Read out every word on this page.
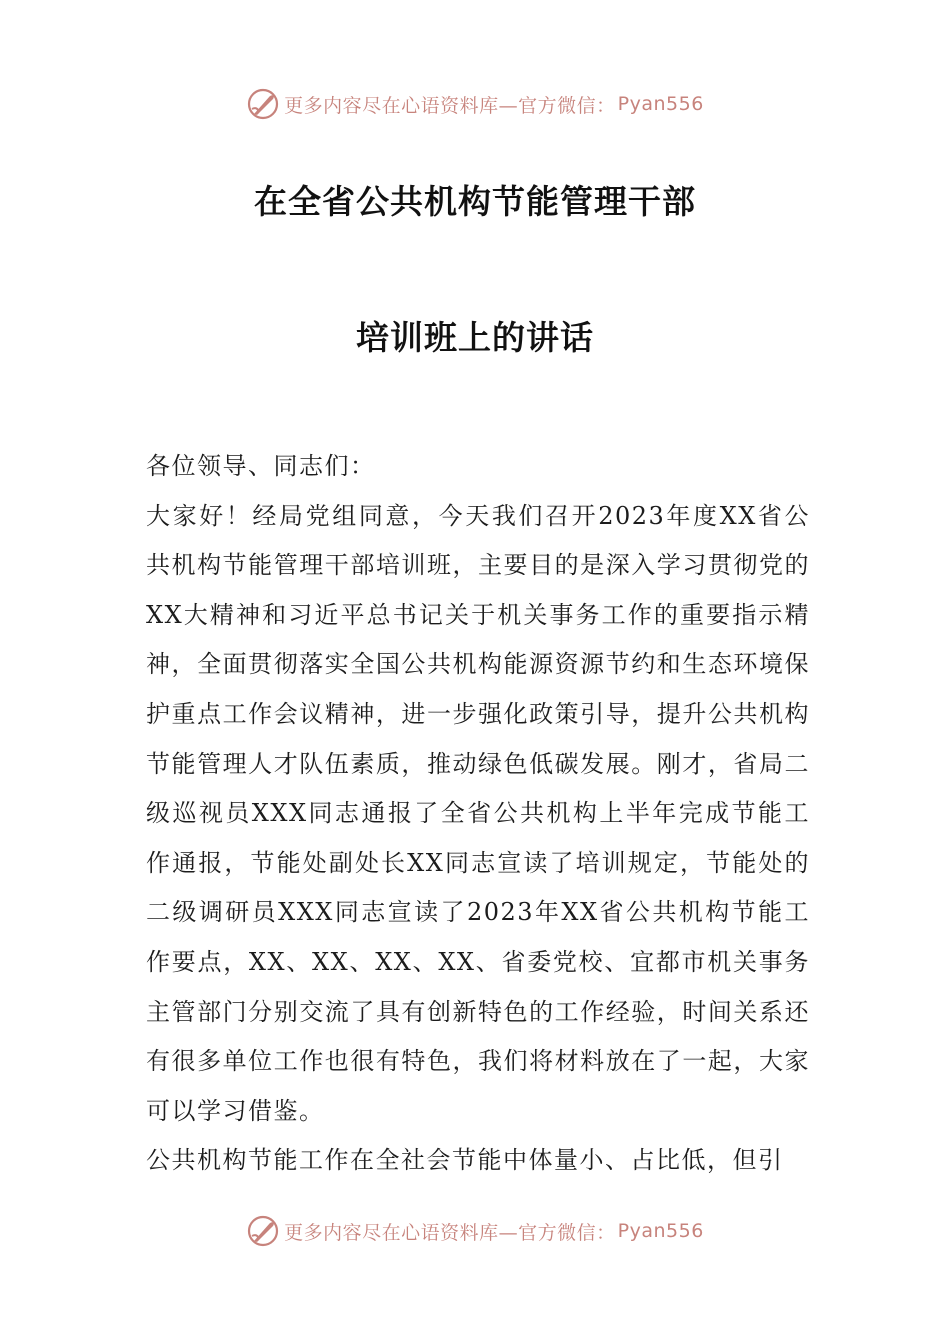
更多内容尽在心语资料库—官方微信： Pyan556
在全省公共机构节能管理干部
培训班上的讲话

各位领导、同志们：

大家好！经局党组同意，今天我们召开2023年度XX省公共机构节能管理干部培训班，主要目的是深入学习贯彻党的XX大精神和习近平总书记关于机关事务工作的重要指示精神，全面贯彻落实全国公共机构能源资源节约和生态环境保护重点工作会议精神，进一步强化政策引导，提升公共机构节能管理人才队伍素质，推动绿色低碳发展。刚才，省局二级巡视员XXX同志通报了全省公共机构上半年完成节能工作通报，节能处副处长XX同志宣读了培训规定，节能处的二级调研员XXX同志宣读了2023年XX省公共机构节能工作要点，XX、XX、XX、XX、省委党校、宜都市机关事务主管部门分别交流了具有创新特色的工作经验，时间关系还有很多单位工作也很有特色，我们将材料放在了一起，大家可以学习借鉴。

公共机构节能工作在全社会节能中体量小、占比低，但引

更多内容尽在心语资料库—官方微信： Pyan556
